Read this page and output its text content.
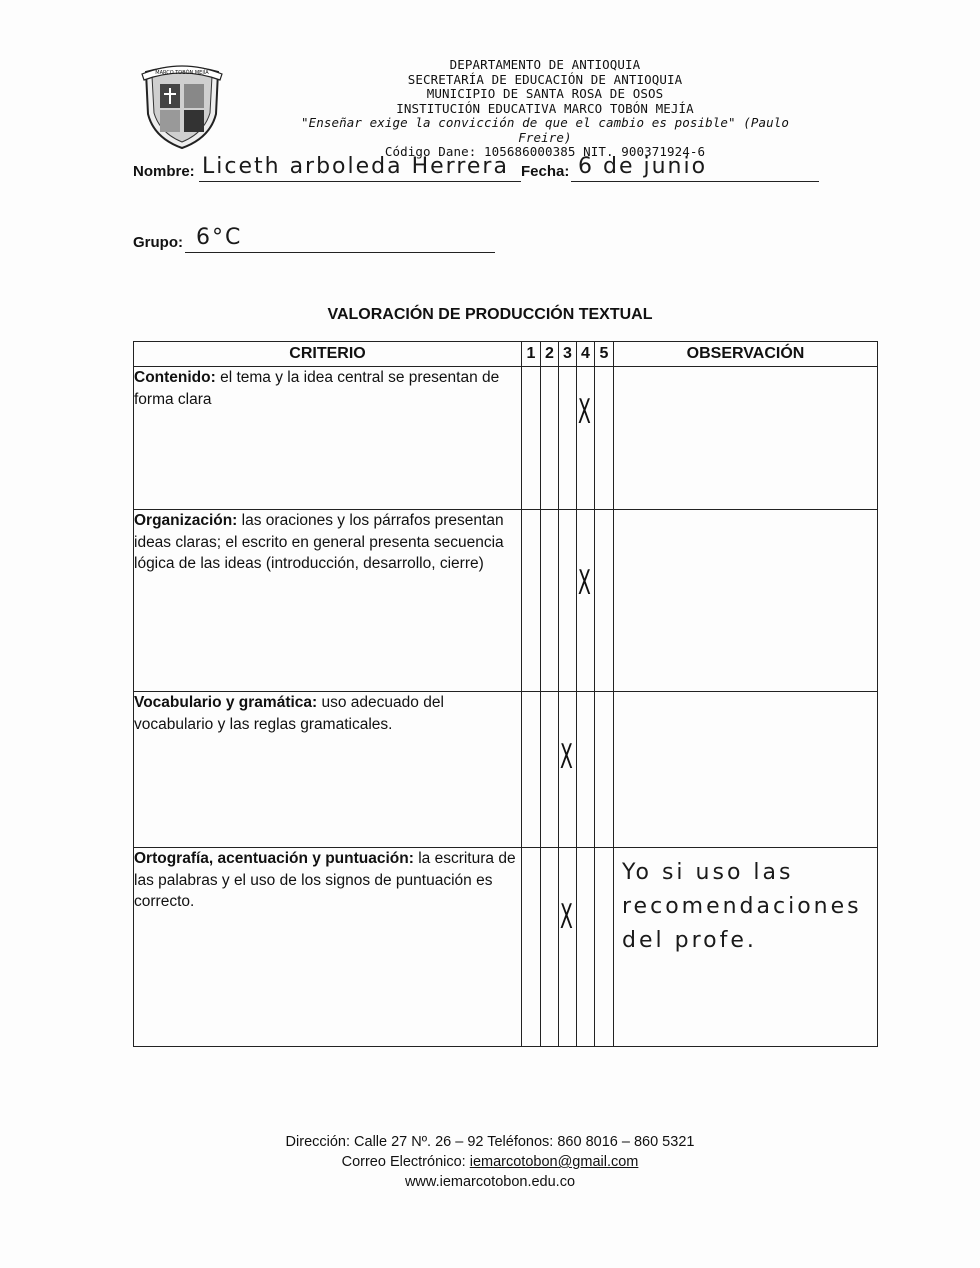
MARCO TOBÓN MEJÍA
DEPARTAMENTO DE ANTIOQUIA
SECRETARÍA DE EDUCACIÓN DE ANTIOQUIA
MUNICIPIO DE SANTA ROSA DE OSOS
INSTITUCIÓN EDUCATIVA MARCO TOBÓN MEJÍA
"Enseñar exige la convicción de que el cambio es posible" (Paulo Freire)
Código Dane: 105686000385 NIT. 900371924-6
Nombre: Liceth arboleda Herrera Fecha: 6 de junio
Grupo: 6°C
VALORACIÓN DE PRODUCCIÓN TEXTUAL
CRITERIO	1	2	3	4	5	OBSERVACIÓN
Contenido: el tema y la idea central se presentan de forma clara				X		

Organización: las oraciones y los párrafos presentan ideas claras; el escrito en general presenta secuencia lógica de las ideas (introducción, desarrollo, cierre)				X		

Vocabulario y gramática: uso adecuado del vocabulario y las reglas gramaticales.			X			

Ortografía, acentuación y puntuación: la escritura de las palabras y el uso de los signos de puntuación es correcto.			X			Yo si uso las
recomendaciones
del profe.
Dirección: Calle 27 Nº. 26 – 92 Teléfonos: 860 8016 – 860 5321
Correo Electrónico: iemarcotobon@gmail.com
www.iemarcotobon.edu.co
